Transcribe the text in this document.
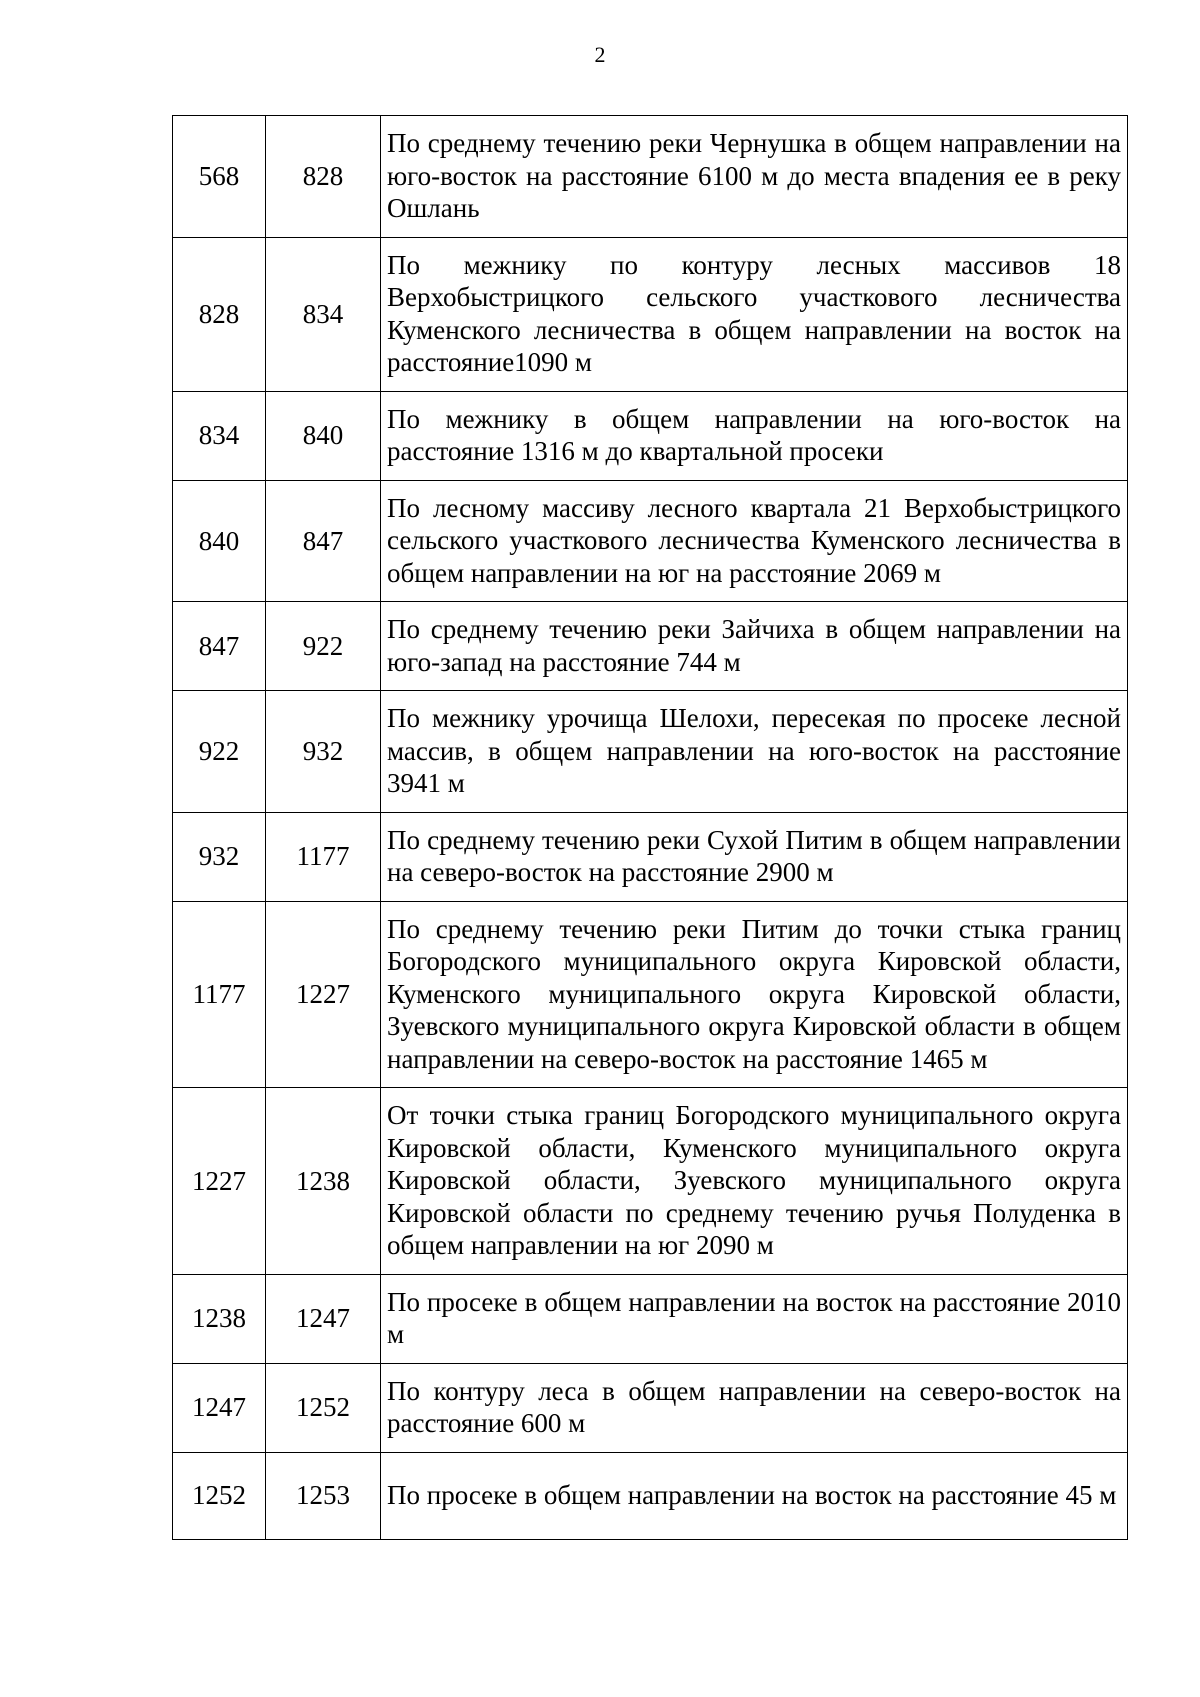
2
568	828	По среднему течению реки Чернушка в общем направлении на юго-восток на расстояние 6100 м до места впадения ее в реку Ошлань
828	834	По межнику по контуру лесных массивов 18 Верхобыстрицкого сельского участкового лесничества Куменского лесничества в общем направлении на восток на расстояние1090 м
834	840	По межнику в общем направлении на юго-восток на расстояние 1316 м до квартальной просеки
840	847	По лесному массиву лесного квартала 21 Верхобыстрицкого сельского участкового лесничества Куменского лесничества в общем направлении на юг на расстояние 2069 м
847	922	По среднему течению реки Зайчиха в общем направлении на юго-запад на расстояние 744 м
922	932	По межнику урочища Шелохи, пересекая по просеке лесной массив, в общем направлении на юго-восток на расстояние 3941 м
932	1177	По среднему течению реки Сухой Питим в общем направлении на северо-восток на расстояние 2900 м
1177	1227	По среднему течению реки Питим до точки стыка границ Богородского муниципального округа Кировской области, Куменского муниципального округа Кировской области, Зуевского муниципального округа Кировской области в общем направлении на северо-восток на расстояние 1465 м
1227	1238	От точки стыка границ Богородского муниципального округа Кировской области, Куменского муниципального округа Кировской области, Зуевского муниципального округа Кировской области по среднему течению ручья Полуденка в общем направлении на юг 2090 м
1238	1247	По просеке в общем направлении на восток на расстояние 2010 м
1247	1252	По контуру леса в общем направлении на северо-восток на расстояние 600 м
1252	1253	По просеке в общем направлении на восток на расстояние 45 м
